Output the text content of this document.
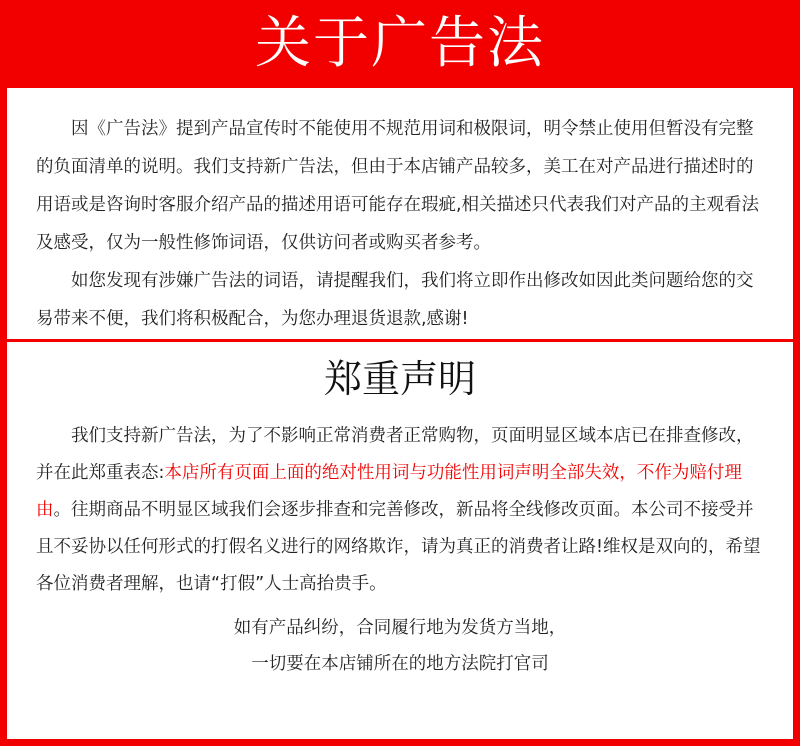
关于广告法

因《广告法》提到产品宣传时不能使用不规范用词和极限词，明令禁止使用但暂没有完整的负面清单的说明。我们支持新广告法，但由于本店铺产品较多，美工在对产品进行描述时的用语或是咨询时客服介绍产品的描述用语可能存在瑕疵,相关描述只代表我们对产品的主观看法及感受，仅为一般性修饰词语，仅供访问者或购买者参考。

如您发现有涉嫌广告法的词语，请提醒我们，我们将立即作出修改如因此类问题给您的交易带来不便，我们将积极配合，为您办理退货退款,感谢!

郑重声明

我们支持新广告法，为了不影响正常消费者正常购物，页面明显区域本店已在排查修改，并在此郑重表态:本店所有页面上面的绝对性用词与功能性用词声明全部失效，不作为赔付理由。往期商品不明显区域我们会逐步排查和完善修改，新品将全线修改页面。本公司不接受并且不妥协以任何形式的打假名义进行的网络欺诈，请为真正的消费者让路!维权是双向的，希望各位消费者理解，也请“打假”人士高抬贵手。

如有产品纠纷，合同履行地为发货方当地，
一切要在本店铺所在的地方法院打官司
